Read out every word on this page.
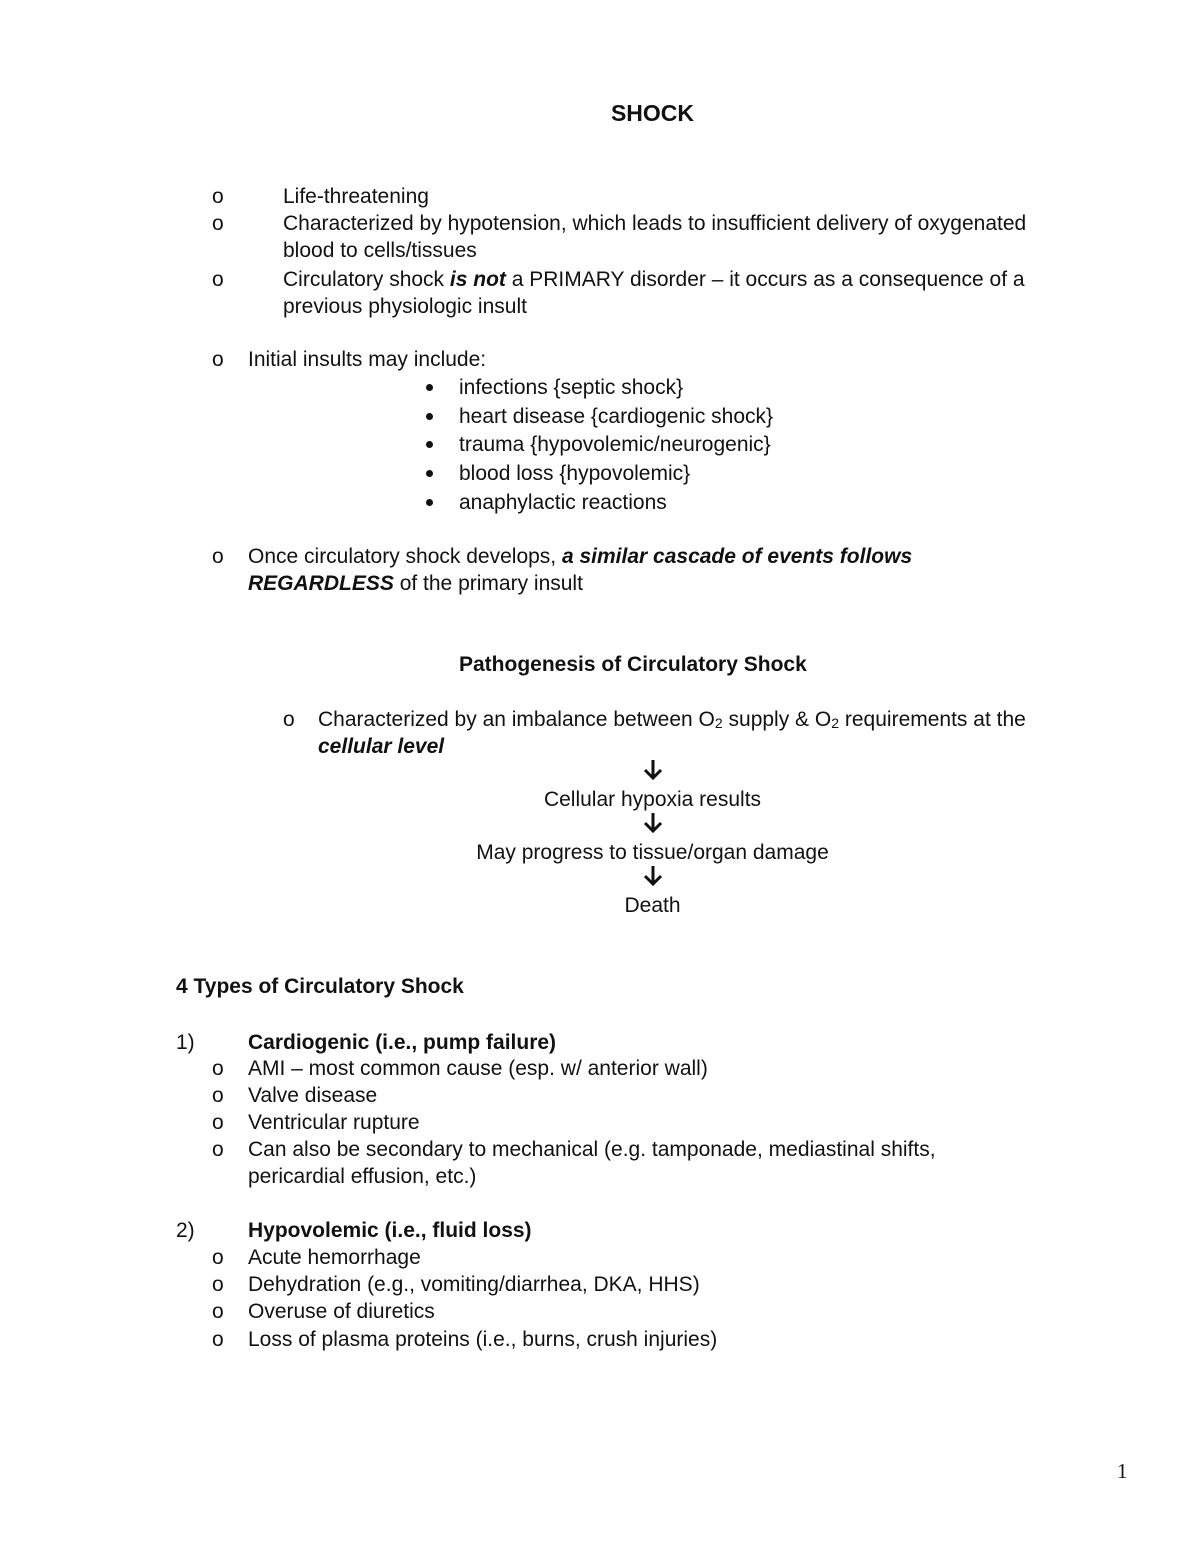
SHOCK
o	Life-threatening
o	Characterized by hypotension, which leads to insufficient delivery of oxygenated
blood to cells/tissues
o	Circulatory shock is not a PRIMARY disorder – it occurs as a consequence of a
previous physiologic insult
o Initial insults may include:
infections {septic shock}
heart disease {cardiogenic shock}
trauma {hypovolemic/neurogenic}
blood loss {hypovolemic}
anaphylactic reactions
o Once circulatory shock develops, a similar cascade of events follows
REGARDLESS of the primary insult
Pathogenesis of Circulatory Shock
o Characterized by an imbalance between $O_2$ supply & $O_2$ requirements at the
cellular level
Cellular hypoxia results
May progress to tissue/organ damage
Death
4 Types of Circulatory Shock
1)	Cardiogenic (i.e., pump failure)
o AMI – most common cause (esp. w/ anterior wall)
o Valve disease
o Ventricular rupture
o Can also be secondary to mechanical (e.g. tamponade, mediastinal shifts,
pericardial effusion, etc.)
2)	Hypovolemic (i.e., fluid loss)
o Acute hemorrhage
o Dehydration (e.g., vomiting/diarrhea, DKA, HHS)
o Overuse of diuretics
o Loss of plasma proteins (i.e., burns, crush injuries)
1
